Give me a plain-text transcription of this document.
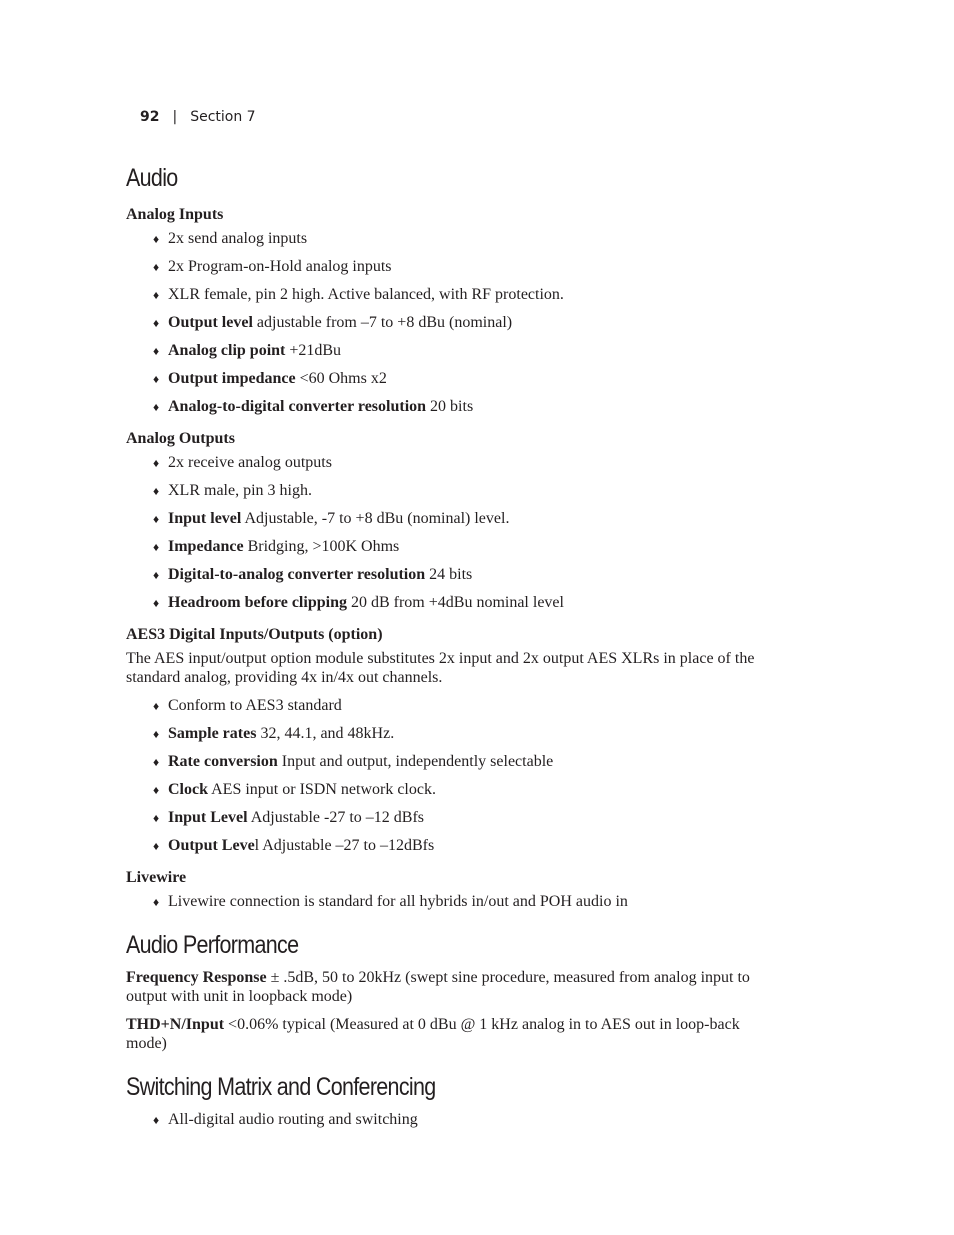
92 | Section 7
Audio
Analog Inputs
♦ 2x send analog inputs
♦ 2x Program-on-Hold analog inputs
♦ XLR female, pin 2 high. Active balanced, with RF protection.
♦ Output level adjustable from –7 to +8 dBu (nominal)
♦ Analog clip point +21dBu
♦ Output impedance <60 Ohms x2
♦ Analog-to-digital converter resolution 20 bits
Analog Outputs
♦ 2x receive analog outputs
♦ XLR male, pin 3 high.
♦ Input level Adjustable, -7 to +8 dBu (nominal) level.
♦ Impedance Bridging, >100K Ohms
♦ Digital-to-analog converter resolution 24 bits
♦ Headroom before clipping 20 dB from +4dBu nominal level
AES3 Digital Inputs/Outputs (option)
The AES input/output option module substitutes 2x input and 2x output AES XLRs in place of the standard analog, providing 4x in/4x out channels.
♦ Conform to AES3 standard
♦ Sample rates 32, 44.1, and 48kHz.
♦ Rate conversion Input and output, independently selectable
♦ Clock AES input or ISDN network clock.
♦ Input Level Adjustable -27 to –12 dBfs
♦ Output Level Adjustable –27 to –12dBfs
Livewire
♦ Livewire connection is standard for all hybrids in/out and POH audio in
Audio Performance
Frequency Response ± .5dB, 50 to 20kHz (swept sine procedure, measured from analog input to output with unit in loopback mode)
THD+N/Input <0.06% typical (Measured at 0 dBu @ 1 kHz analog in to AES out in loop-back mode)
Switching Matrix and Conferencing
♦ All-digital audio routing and switching
